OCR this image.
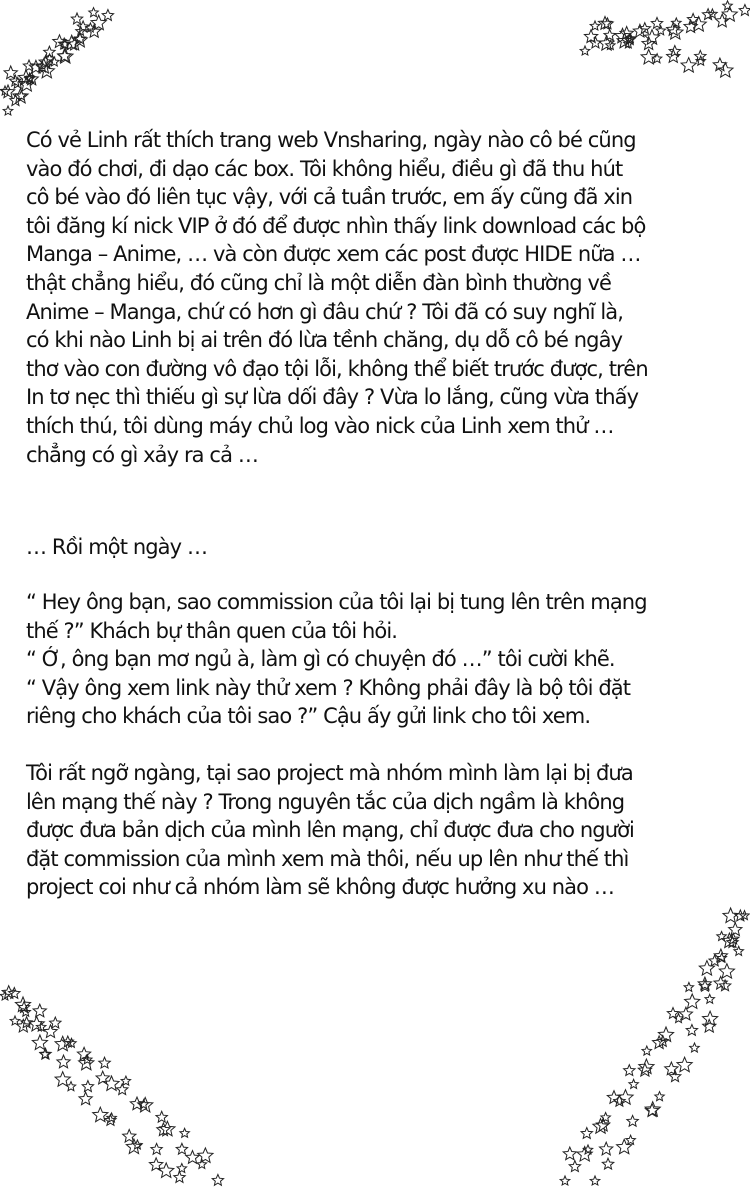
Có vẻ Linh rất thích trang web Vnsharing, ngày nào cô bé cũng
vào đó chơi, đi dạo các box. Tôi không hiểu, điều gì đã thu hút
cô bé vào đó liên tục vậy, với cả tuần trước, em ấy cũng đã xin
tôi đăng kí nick VIP ở đó để được nhìn thấy link download các bộ
Manga – Anime, … và còn được xem các post được HIDE nữa …
thật chẳng hiểu, đó cũng chỉ là một diễn đàn bình thường về
Anime – Manga, chứ có hơn gì đâu chứ ? Tôi đã có suy nghĩ là,
có khi nào Linh bị ai trên đó lừa tềnh chăng, dụ dỗ cô bé ngây
thơ vào con đường vô đạo tội lỗi, không thể biết trước được, trên
In tơ nẹc thì thiếu gì sự lừa dối đây ? Vừa lo lắng, cũng vừa thấy
thích thú, tôi dùng máy chủ log vào nick của Linh xem thử …
chẳng có gì xảy ra cả …
… Rồi một ngày …
“ Hey ông bạn, sao commission của tôi lại bị tung lên trên mạng
thế ?” Khách bự thân quen của tôi hỏi.
“ Ớ, ông bạn mơ ngủ à, làm gì có chuyện đó …” tôi cười khẽ.
“ Vậy ông xem link này thử xem ? Không phải đây là bộ tôi đặt
riêng cho khách của tôi sao ?” Cậu ấy gửi link cho tôi xem.
Tôi rất ngỡ ngàng, tại sao project mà nhóm mình làm lại bị đưa
lên mạng thế này ? Trong nguyên tắc của dịch ngầm là không
được đưa bản dịch của mình lên mạng, chỉ được đưa cho người
đặt commission của mình xem mà thôi, nếu up lên như thế thì
project coi như cả nhóm làm sẽ không được hưởng xu nào …
